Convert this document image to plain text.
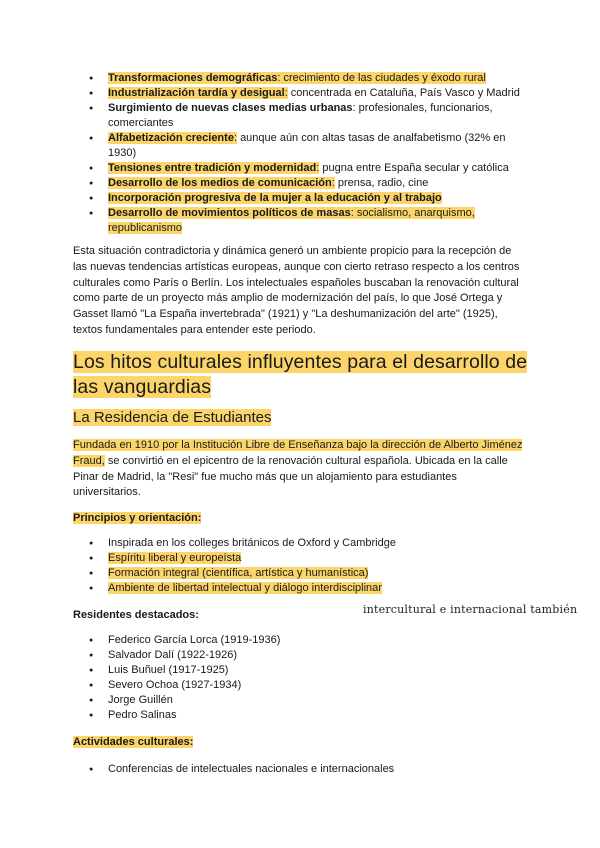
● Transformaciones demográficas: crecimiento de las ciudades y éxodo rural
● Industrialización tardía y desigual: concentrada en Cataluña, País Vasco y Madrid
● Surgimiento de nuevas clases medias urbanas: profesionales, funcionarios, comerciantes
● Alfabetización creciente: aunque aún con altas tasas de analfabetismo (32% en 1930)
● Tensiones entre tradición y modernidad: pugna entre España secular y católica
● Desarrollo de los medios de comunicación: prensa, radio, cine
● Incorporación progresiva de la mujer a la educación y al trabajo
● Desarrollo de movimientos políticos de masas: socialismo, anarquismo, republicanismo

Esta situación contradictoria y dinámica generó un ambiente propicio para la recepción de las nuevas tendencias artísticas europeas, aunque con cierto retraso respecto a los centros culturales como París o Berlín. Los intelectuales españoles buscaban la renovación cultural como parte de un proyecto más amplio de modernización del país, lo que José Ortega y Gasset llamó "La España invertebrada" (1921) y "La deshumanización del arte" (1925), textos fundamentales para entender este periodo.

Los hitos culturales influyentes para el desarrollo de las vanguardias
La Residencia de Estudiantes

Fundada en 1910 por la Institución Libre de Enseñanza bajo la dirección de Alberto Jiménez Fraud, se convirtió en el epicentro de la renovación cultural española. Ubicada en la calle Pinar de Madrid, la "Resi" fue mucho más que un alojamiento para estudiantes universitarios.

Principios y orientación:

● Inspirada en los colleges británicos de Oxford y Cambridge
● Espíritu liberal y europeísta
● Formación integral (científica, artística y humanística)
● Ambiente de libertad intelectual y diálogo interdisciplinar

intercultural e internacional también

Residentes destacados:

● Federico García Lorca (1919-1936)
● Salvador Dalí (1922-1926)
● Luis Buñuel (1917-1925)
● Severo Ochoa (1927-1934)
● Jorge Guillén
● Pedro Salinas

Actividades culturales:

● Conferencias de intelectuales nacionales e internacionales
